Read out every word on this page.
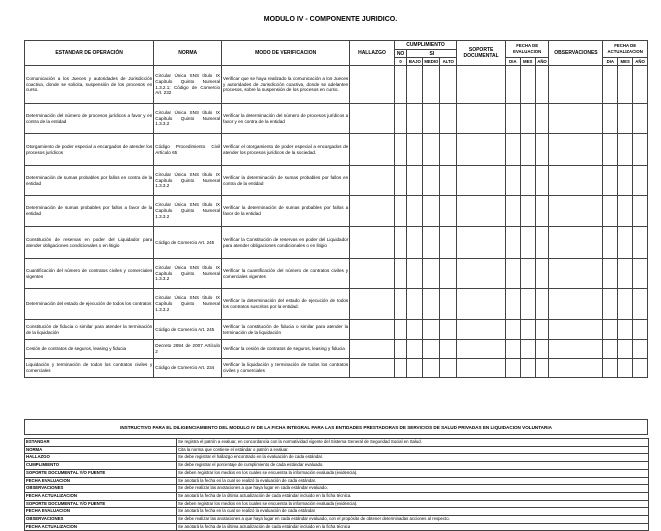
MODULO IV - COMPONENTE JURIDICO.
ESTANDAR DE OPERACIÓN	NORMA	MODO DE VERIFICACION	HALLAZGO	CUMPLIMIENTO				SOPORTE DOCUMENTAL	FECHA DE EVALUACION			OBSERVACIONES	FECHA DE ACTUALIZACION		
				NO	SI										
				0	BAJO	MEDIO	ALTO		DIA	MES	AÑO		DIA	MES	AÑO
Comunicación a los Jueces y autoridades de Jurisdicción coactiva, donde se solicita, suspensión de los procesos en curso.	Circular Única SNS título IX Capítulo Quinto Numeral 1.3.2.1; Código de Comercio Art. 232	Verificar que se haya realizado la comunicación a los Jueces y autoridades de Jurisdicción coactiva, donde se adelanten procesos, sobre la suspensión de los procesos en curso.													
Determinación del número de procesos jurídicos a favor y en contra de la entidad	Circular Única SNS título IX Capítulo Quinto Numeral 1.3.3.2	Verificar la determinación del número de procesos jurídicos a favor y en contra de la entidad													
Otorgamiento de poder especial a encargados de atender los procesos jurídicos	Código Procedimiento Civil Artículo 65	Verificar el otorgamiento de poder especial a encargados de atender los procesos jurídicos de la sociedad.													
Determinación de sumas probables por fallos en contra de la entidad	Circular Única SNS título IX Capítulo Quinto Numeral 1.3.3.2	Verificar la determinación de sumas probables por fallos en contra de la entidad													
Determinación de sumas probables por fallos a favor de la entidad	Circular Única SNS título IX Capítulo Quinto Numeral 1.3.3.2	Verificar la determinación de sumas probables por fallos a favor de la entidad													
Constitución de reservas en poder del Liquidador para atender obligaciones condicionales o en litigio	Código de Comercio Art. 245	Verificar la Constitución de reservas en poder del Liquidador para atender obligaciones condicionales o en litigio													
Cuantificación del número de contratos civiles y comerciales vigentes	Circular Única SNS título IX Capítulo Quinto Numeral 1.3.3.2	Verificar la cuantificación del número de contratos civiles y comerciales vigentes													
Determinación del estado de ejecución de todos los contratos	Circular Única SNS título IX Capítulo Quinto Numeral 1.3.3.2	Verificar la determinación del estado de ejecución de todos los contratos suscritos por la entidad.													
Constitución de fiducia o similar para atender la terminación de la liquidación	Código de Comercio Art. 245	Verificar la constitución de fiducia o similar para atender la terminación de la liquidación													
Cesión de contratos de seguros, leasing y fiducia	Decreto 2894 de 2007 Artículo 2	Verificar la cesión de contratos de seguros, leasing y fiducia													
Liquidación y terminación de todos los contratos civiles y comerciales	Código de Comercio Art. 234	Verificar la liquidación y terminación de todos los contratos civiles y comerciales													
INSTRUCTIVO PARA EL DILIGENCIAMIENTO DEL MODULO IV DE LA FICHA INTEGRAL PARA LAS ENTIDADES PRESTADORAS DE SERVICIOS DE SALUD PRIVADAS EN LIQUIDACION VOLUNTARIA
ESTANDAR	Se registra el patrón a evaluar, en concordancia con la normatividad vigente del Sistema General de Seguridad Social en Salud.
NORMA	Cita la norma que contiene el estándar o patrón a evaluar.
HALLAZGO	Se debe registrar el hallazgo encontrado en la evaluación de cada estándar.
CUMPLIMIENTO	Se debe registrar el porcentaje de cumplimiento de cada estándar evaluado.
SOPORTE DOCUMENTAL Y/O FUENTE	Se deben registrar los medios en los cuales se encuentra la información evaluada (evidencia).
FECHA EVALUACION	Se anotará la fecha en la cual se realizó la evaluación de cada estándar.
OBSERVACIONES	Se debe realizar las anotaciones a que haya lugar en cada estándar evaluado.
FECHA ACTUALIZACION	Se anotará la fecha de la última actualización de cada estándar incluido en la ficha técnica.
SOPORTE DOCUMENTAL Y/O FUENTE	Se deben registrar los medios en los cuales se encuentra la información evaluada (evidencia).
FECHA EVALUACION	Se anotará la fecha en la cual se realizó la evaluación de cada estándar
OBSERVACIONES	Se debe realizar las anotaciones a que haya lugar en cada estándar evaluado, con el propósito de obtener determinadas acciones al respecto.
FECHA ACTUALIZACION	Se anotará la fecha de la última actualización de cada estándar incluido en la ficha técnica
